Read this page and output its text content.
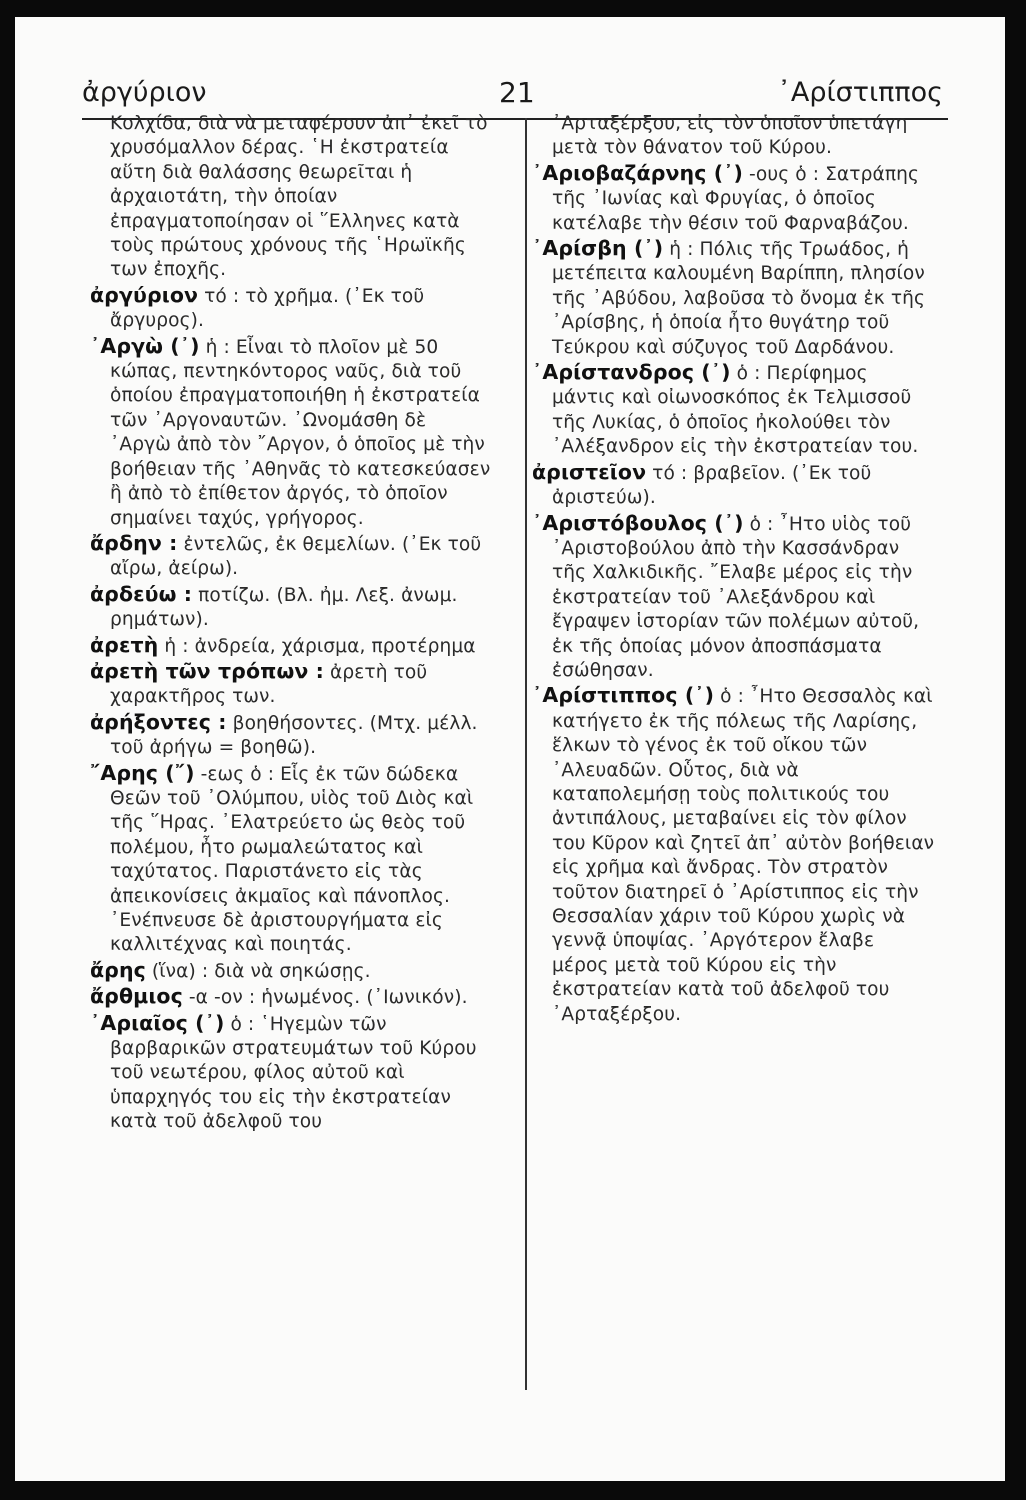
ἀργύριον	21	᾿Αρίστιππος

Κολχίδα, διὰ νὰ μεταφέρουν ἀπ᾿ ἐκεῖ τὸ χρυσόμαλλον δέρας. ῾Η ἐκστρατεία αὕτη διὰ θαλάσσης θεωρεῖται ἡ ἀρχαιοτάτη, τὴν ὁποίαν ἐπραγματοποίησαν οἱ ῞Ελληνες κατὰ τοὺς πρώτους χρόνους τῆς ῾Ηρωϊκῆς των ἐποχῆς.

ἀργύριον τό : τὸ χρῆμα. (᾿Εκ τοῦ ἄργυρος).

᾿Αργὼ (᾿) ἡ : Εἶναι τὸ πλοῖον μὲ 50 κώπας, πεντηκόντορος ναῦς, διὰ τοῦ ὁποίου ἐπραγματοποιήθη ἡ ἐκστρατεία τῶν ᾿Αργοναυτῶν. ᾿Ωνομάσθη δὲ ᾿Αργὼ ἀπὸ τὸν ῎Αργον, ὁ ὁποῖος μὲ τὴν βοήθειαν τῆς ᾿Αθηνᾶς τὸ κατεσκεύασεν ἢ ἀπὸ τὸ ἐπίθετον ἀργός, τὸ ὁποῖον σημαίνει ταχύς, γρήγορος.

ἄρδην : ἐντελῶς, ἐκ θεμελίων. (᾿Εκ τοῦ αἴρω, ἀείρω).

ἀρδεύω : ποτίζω. (Βλ. ἠμ. Λεξ. ἀνωμ. ρημάτων).

ἀρετὴ ἡ : ἀνδρεία, χάρισμα, προτέρημα

ἀρετὴ τῶν τρόπων : ἀρετὴ τοῦ χαρακτῆρος των.

ἀρήξοντες : βοηθήσοντες. (Μτχ. μέλλ. τοῦ ἀρήγω = βοηθῶ).

῎Αρης (῎) -εως ὁ : Εἷς ἐκ τῶν δώδεκα Θεῶν τοῦ ᾿Ολύμπου, υἱὸς τοῦ Διὸς καὶ τῆς ῞Ηρας. ᾿Ελατρεύετο ὡς θεὸς τοῦ πολέμου, ἦτο ρωμαλεώτατος καὶ ταχύτατος. Παριστάνετο εἰς τὰς ἀπεικονίσεις ἀκμαῖος καὶ πάνοπλος. ᾿Ενέπνευσε δὲ ἀριστουργήματα εἰς καλλιτέχνας καὶ ποιητάς.

ἄρης (ἵνα) : διὰ νὰ σηκώσῃς.

ἄρθμιος -α -ον : ἡνωμένος. (᾿Ιωνικόν).

᾿Αριαῖος (᾿) ὁ : ῾Ηγεμὼν τῶν βαρβαρικῶν στρατευμάτων τοῦ Κύρου τοῦ νεωτέρου, φίλος αὐτοῦ καὶ ὑπαρχηγός του εἰς τὴν ἐκστρατείαν κατὰ τοῦ ἀδελφοῦ του

᾿Αρταξέρξου, εἰς τὸν ὁποῖον ὑπετάγη μετὰ τὸν θάνατον τοῦ Κύρου.

᾿Αριοβαζάρνης (᾿) -ους ὁ : Σατράπης τῆς ᾿Ιωνίας καὶ Φρυγίας, ὁ ὁποῖος κατέλαβε τὴν θέσιν τοῦ Φαρναβάζου.

᾿Αρίσβη (᾿) ἡ : Πόλις τῆς Τρωάδος, ἡ μετέπειτα καλουμένη Βαρίππη, πλησίον τῆς ᾿Αβύδου, λαβοῦσα τὸ ὄνομα ἐκ τῆς ᾿Αρίσβης, ἡ ὁποία ἦτο θυγάτηρ τοῦ Τεύκρου καὶ σύζυγος τοῦ Δαρδάνου.

᾿Αρίστανδρος (᾿) ὁ : Περίφημος μάντις καὶ οἰωνοσκόπος ἐκ Τελμισσοῦ τῆς Λυκίας, ὁ ὁποῖος ἠκολούθει τὸν ᾿Αλέξανδρον εἰς τὴν ἐκστρατείαν του.

ἀριστεῖον τό : βραβεῖον. (᾿Εκ τοῦ ἀριστεύω).

᾿Αριστόβουλος (᾿) ὁ : ῏Ητο υἱὸς τοῦ ᾿Αριστοβούλου ἀπὸ τὴν Κασσάνδραν τῆς Χαλκιδικῆς. ῎Ελαβε μέρος εἰς τὴν ἐκστρατείαν τοῦ ᾿Αλεξάνδρου καὶ ἔγραψεν ἱστορίαν τῶν πολέμων αὐτοῦ, ἐκ τῆς ὁποίας μόνον ἀποσπάσματα ἐσώθησαν.

᾿Αρίστιππος (᾿) ὁ : ῏Ητο Θεσσαλὸς καὶ κατήγετο ἐκ τῆς πόλεως τῆς Λαρίσης, ἕλκων τὸ γένος ἐκ τοῦ οἴκου τῶν ᾿Αλευαδῶν. Οὗτος, διὰ νὰ καταπολεμήσῃ τοὺς πολιτικούς του ἀντιπάλους, μεταβαίνει εἰς τὸν φίλον του Κῦρον καὶ ζητεῖ ἀπ᾿ αὐτὸν βοήθειαν εἰς χρῆμα καὶ ἄνδρας. Τὸν στρατὸν τοῦτον διατηρεῖ ὁ ᾿Αρίστιππος εἰς τὴν Θεσσαλίαν χάριν τοῦ Κύρου χωρὶς νὰ γεννᾷ ὑποψίας. ᾿Αργότερον ἔλαβε μέρος μετὰ τοῦ Κύρου εἰς τὴν ἐκστρατείαν κατὰ τοῦ ἀδελφοῦ του ᾿Αρταξέρξου.
